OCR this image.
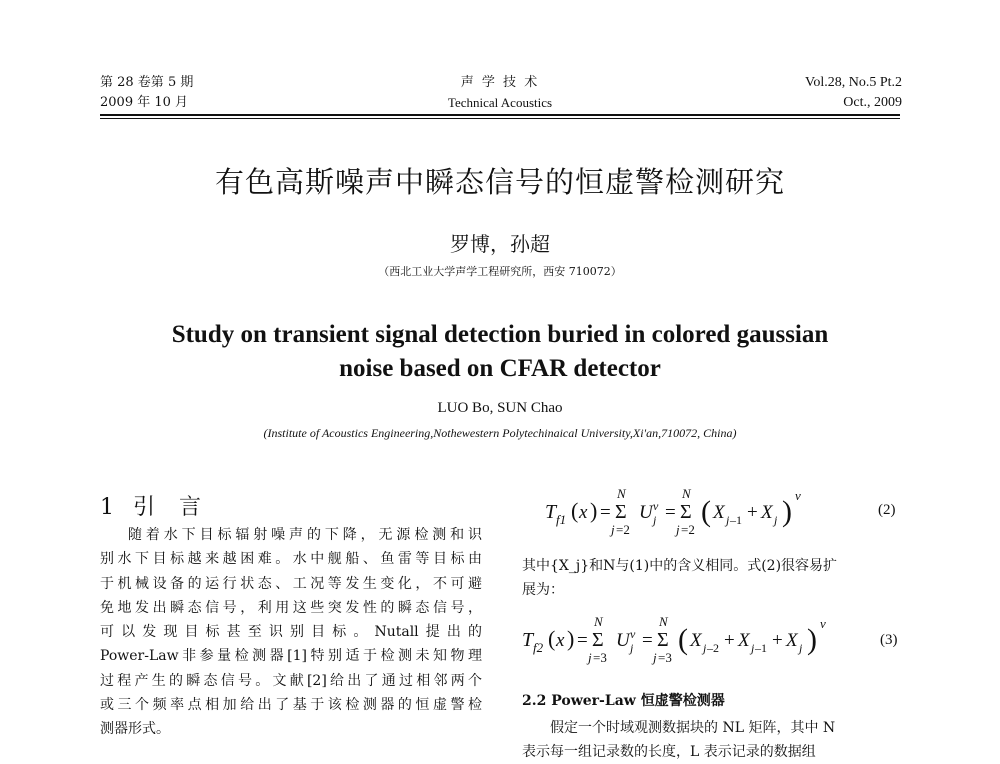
第 28 卷第 5 期
2009 年 10 月
声 学 技 术
Technical Acoustics
Vol.28, No.5 Pt.2
Oct., 2009
有色高斯噪声中瞬态信号的恒虚警检测研究
罗博，孙超
（西北工业大学声学工程研究所，西安 710072）
Study on transient signal detection buried in colored gaussian
noise based on CFAR detector
LUO Bo, SUN Chao
(Institute of Acoustics Engineering,Nothewestern Polytechinaical University,Xi'an,710072, China)
1 引　言
随着水下目标辐射噪声的下降，无源检测和识
别水下目标越来越困难。水中舰船、鱼雷等目标由
于机械设备的运行状态、工况等发生变化，不可避
免地发出瞬态信号，利用这些突发性的瞬态信号，
可以发现目标甚至识别目标。Nutall提出的
Power-Law非参量检测器[1]特别适于检测未知物理
过程产生的瞬态信号。文献[2]给出了通过相邻两个
或三个频率点相加给出了基于该检测器的恒虚警检
测器形式。
T f1 ( x ) =
N
Σ
j =2
U ν
j =
N
Σ
j =2
( X j –1 + X j ) ν
(2)
其中{X_j}和N与(1)中的含义相同。式(2)很容易扩
展为：
T f2 ( x ) =
N
Σ
j =3
U ν
j =
N
Σ
j =3
( X j –2 + X j –1 + X j ) ν
(3)
2.2 Power-Law 恒虚警检测器
假定一个时域观测数据块的 NL 矩阵，其中 N
表示每一组记录数的长度，L 表示记录的数据组
